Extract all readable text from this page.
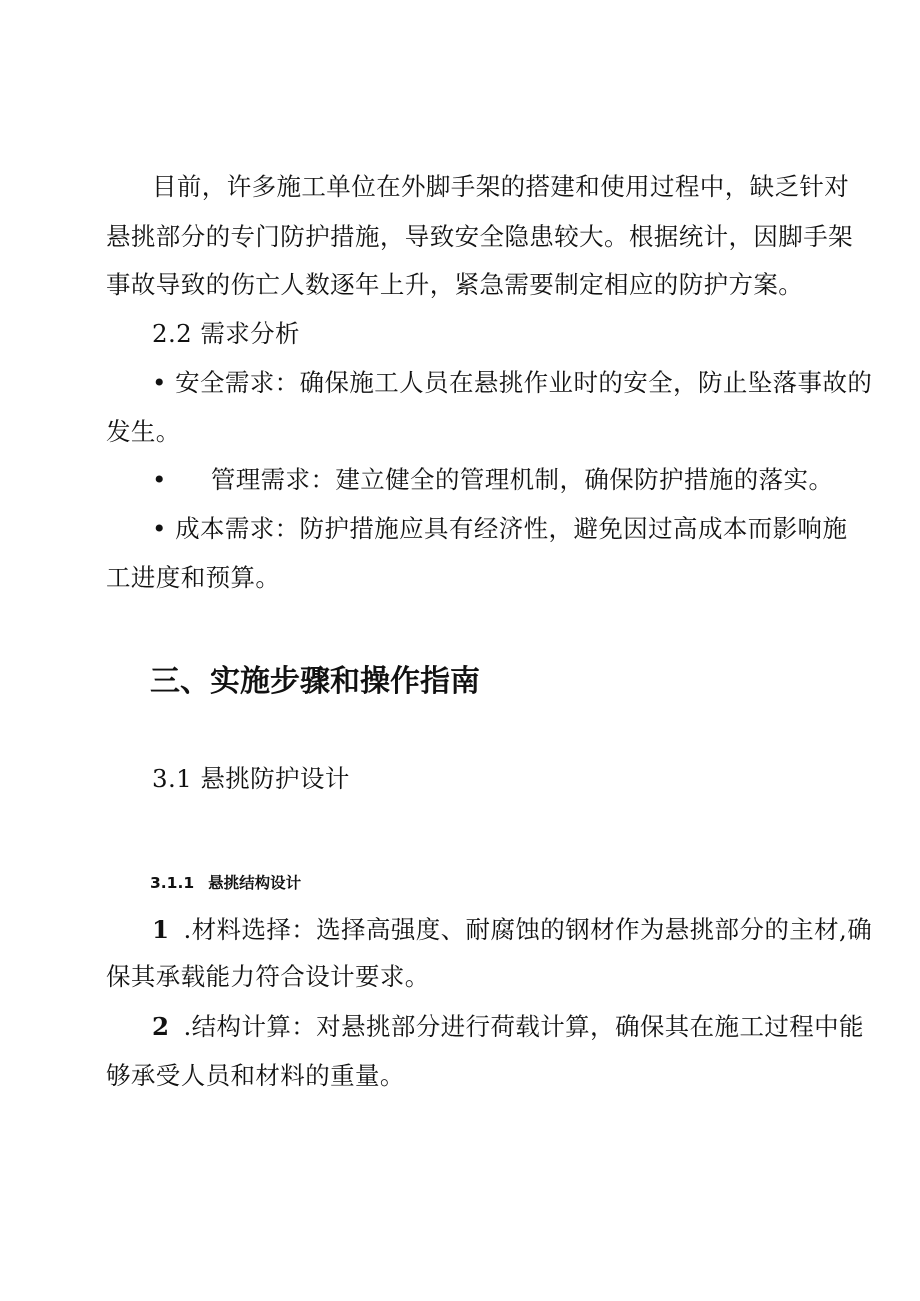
目前，许多施工单位在外脚手架的搭建和使用过程中，缺乏针对
悬挑部分的专门防护措施，导致安全隐患较大。根据统计，因脚手架
事故导致的伤亡人数逐年上升，紧急需要制定相应的防护方案。
2.2 需求分析
• 安全需求：确保施工人员在悬挑作业时的安全，防止坠落事故的
发生。
• 管理需求：建立健全的管理机制，确保防护措施的落实。
• 成本需求：防护措施应具有经济性，避免因过高成本而影响施
工进度和预算。
三、实施步骤和操作指南
3.1 悬挑防护设计
3.1.1 悬挑结构设计
1 .材料选择：选择高强度、耐腐蚀的钢材作为悬挑部分的主材,确
保其承载能力符合设计要求。
2 .结构计算：对悬挑部分进行荷载计算，确保其在施工过程中能
够承受人员和材料的重量。
